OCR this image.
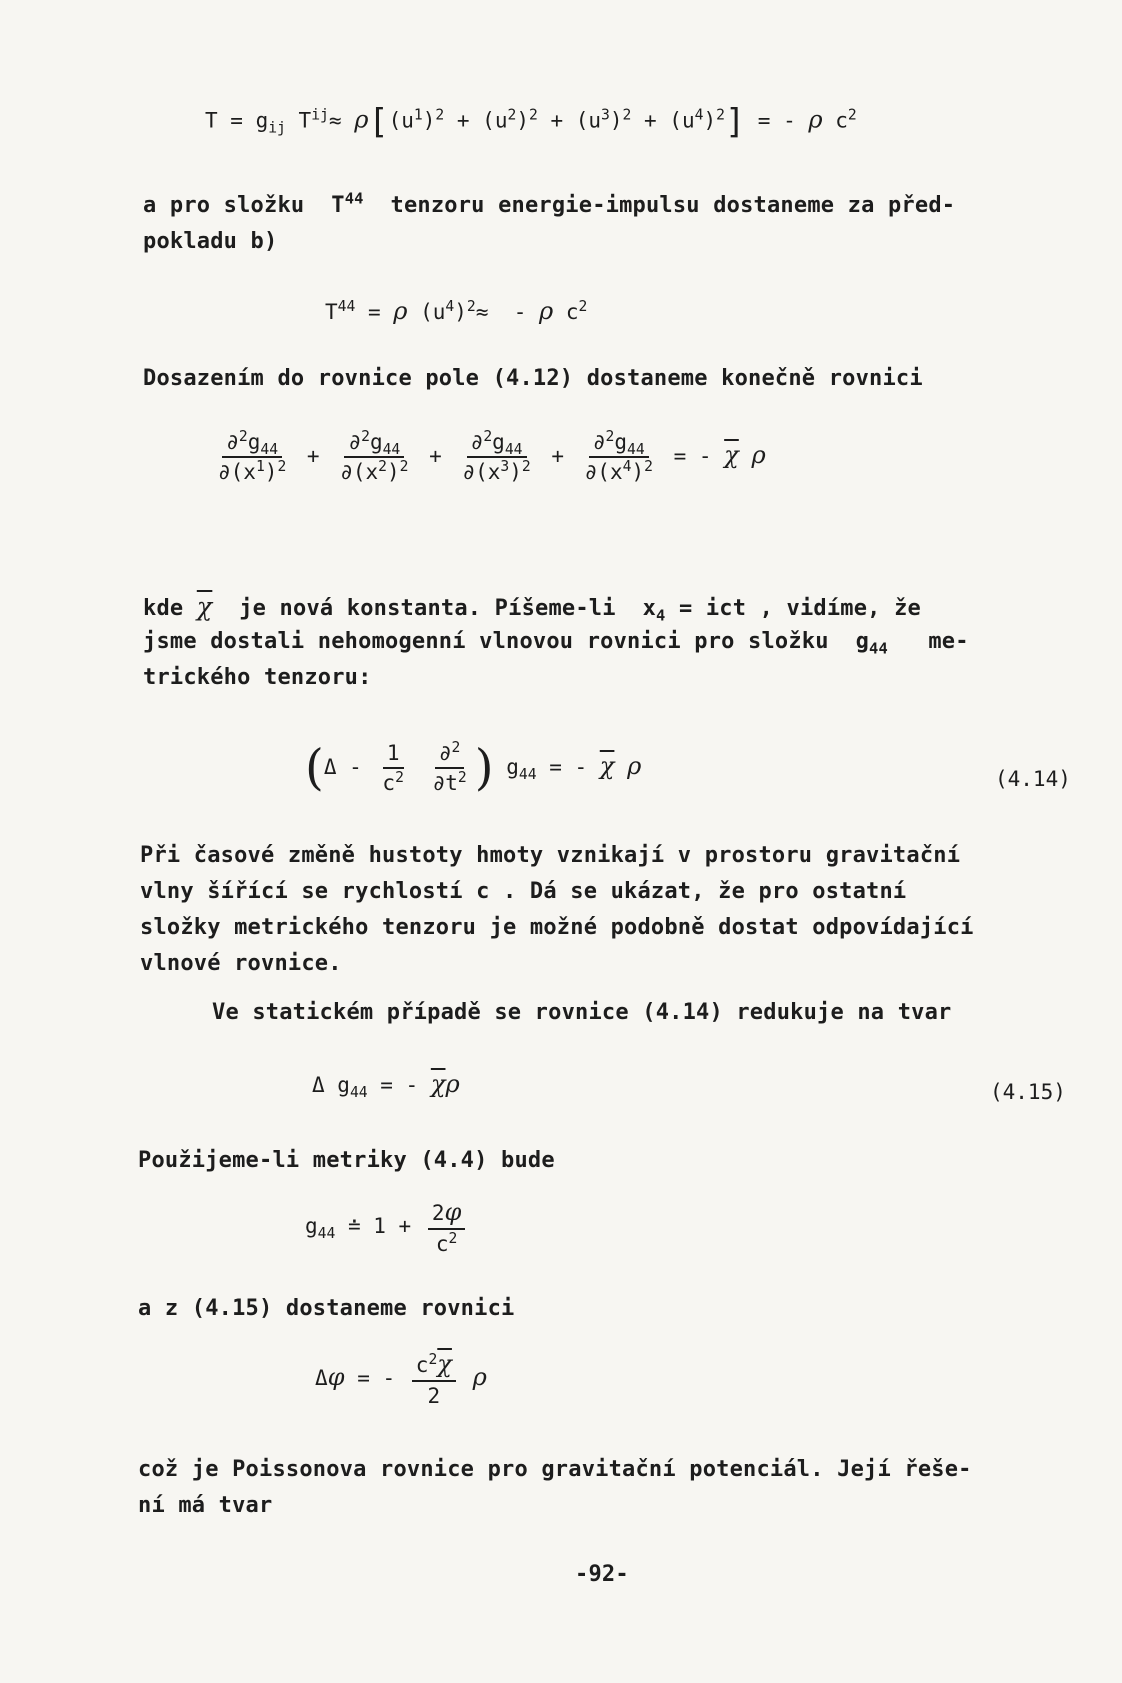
$T = g_{ij}$ $T^{ij}\approx \rho[(u^1)^2 + (u^2)^2 + (u^3)^2 + (u^4)^2]$ = - ρ $c^2$
a pro složku  $T^{44}$ tenzoru energie-impulsu dostaneme za před-
pokladu b)
$T^{44} = \rho$ $(u^4)^2\approx - \rho$ $c^2$
Dosazením do rovnice pole (4.12) dostaneme konečně rovnici
$\frac{\partial^2g_{44}}{\partial(x^1)^2} + \frac{\partial^2g_{44}}{\partial(x^2)^2} + \frac{\partial^2g_{44}}{\partial(x^3)^2} + \frac{\partial^2g_{44}}{\partial(x^4)^2}$ = - $\overline{\chi}$ ρ
kde $\overline{\chi}$ je nová konstanta. Píšeme-li  $x_4$ = ict , vidíme, že
jsme dostali nehomogenní vlnovou rovnici pro složku  $g_{44}$ me-
trického tenzoru:
($\Delta - \frac{1}{c^2}$
$\frac{\partial^2}{\partial t^2}$ ) $g_{44}$ = - $\overline{\chi}$ ρ	(4.14)
Při časové změně hustoty hmoty vznikají v prostoru gravitační
vlny šířící se rychlostí c . Dá se ukázat, že pro ostatní
složky metrického tenzoru je možné podobně dostat odpovídající
vlnové rovnice.
Ve statickém případě se rovnice (4.14) redukuje na tvar
Δ $g_{44}$ = - $\overline{\chi}\rho$	(4.15)
Použijeme-li metriky (4.4) bude
$g_{44}$ ≐ $1 + \frac{2\varphi}{c^2}$
a z (4.15) dostaneme rovnici
Δφ = - $\frac{c^2\overline{\chi}}{2}$ ρ
což je Poissonova rovnice pro gravitační potenciál. Její řeše-
ní má tvar
-92-
